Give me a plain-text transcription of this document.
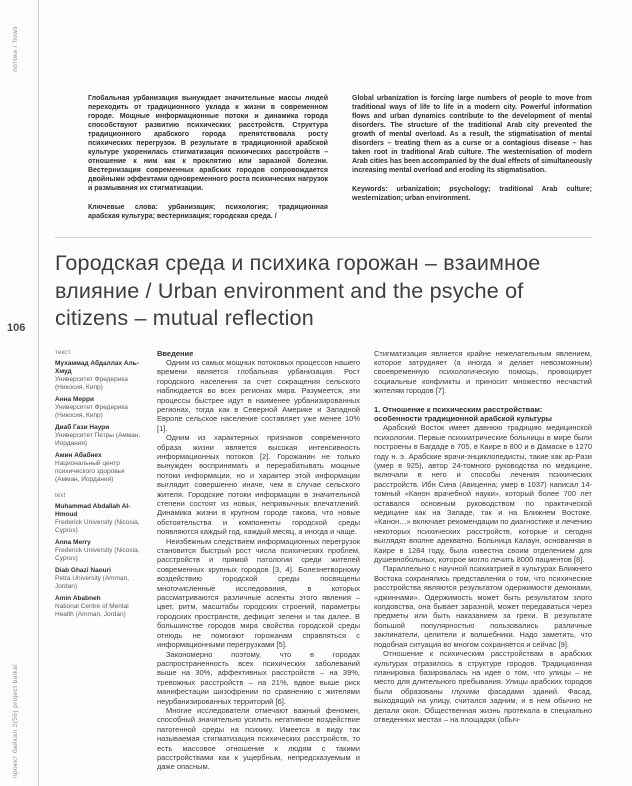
потоки / flows
106
проект байкал 2(56) project baikal

Глобальная урбанизация вынуждает значительные массы людей переходить от традиционного уклада к жизни в современном городе. Мощные информационные потоки и динамика города способствуют развитию психических расстройств. Структура традиционного арабского города препятствовала росту психических перегрузок. В результате в традиционной арабской культуре укоренилась стигматизация психических расстройств – отношение к ним как к проклятию или заразной болезни. Вестернизация современных арабских городов сопровождается двойными эффектами одновременного роста психических нагрузок и размывания их стигматизации.

Ключевые слова: урбанизация; психология; традиционная арабская культура; вестернизация; городская среда. /

Global urbanization is forcing large numbers of people to move from traditional ways of life to life in a modern city. Powerful information flows and urban dynamics contribute to the development of mental disorders. The structure of the traditional Arab city prevented the growth of mental overload. As a result, the stigmatisation of mental disorders – treating them as a curse or a contagious disease – has taken root in traditional Arab culture. The westernisation of modern Arab cities has been accompanied by the dual effects of simultaneously increasing mental overload and eroding its stigmatisation.

Keywords: urbanization; psychology; traditional Arab culture; westernization; urban environment.

Городская среда и психика горожан – взаимное влияние / Urban environment and the psyche of citizens – mutual reflection

текст

Мухаммад Абдаллах Аль-Хмуд

Университет Фредерика (Никосия, Кипр)

Анна Мерри

Университет Фредерика (Никосия, Кипр)

Диаб Гази Наури

Университет Петры (Амман, Иордания)

Амин Абабнех

Национальный центр психического здоровья (Амман, Иордания)

text

Muhammad Abdallah Al-Hmoud

Frederick University (Nicosia, Cyprus)

Anna Merry

Frederick University (Nicosia, Cyprus)

Diab Ghazi Naouri

Petra University (Amman, Jordan)

Amin Ababneh

National Centre of Mental Health (Amman, Jordan)

Введение

Одним из самых мощных потоковых процессов нашего времени является глобальная урбанизация. Рост городского населения за счет сокращения сельского наблюдается во всех регионах мира. Разумеется, эти процессы быстрее идут в наименее урбанизированных регионах, тогда как в Северной Америке и Западной Европе сельское население составляет уже менее 10% [1].

Одним из характерных признаков современного образа жизни является высокая интенсивность информационных потоков [2]. Горожанин не только вынужден воспринимать и перерабатывать мощные потоки информации, но и характер этой информации выглядит совершенно иначе, чем в случае сельского жителя. Городские потоки информации в значительной степени состоят из новых, непривычных впечатлений. Динамика жизни в крупном городе такова, что новые обстоятельства и компоненты городской среды появляются каждый год, каждый месяц, а иногда и чаще.

Неизбежным следствием информационных перегрузок становится быстрый рост числа психических проблем, расстройств и прямой патологии среди жителей современных крупных городов [3, 4]. Болезнетворному воздействию городской среды посвящены многочисленные исследования, в которых рассматриваются различные аспекты этого явления – цвет, ритм, масштабы городских строений, параметры городских пространств, дефицит зелени и так далее. В большинстве городов мира свойства городской среды отнюдь не помогают горожанам справляться с информационными перегрузками [5].

Закономерно поэтому, что в городах распространенность всех психических заболеваний выше на 30%, аффективных расстройств – на 39%, тревожных расстройств – на 21%, вдвое выше риск манифестации шизофрении по сравнению с жителями неурбанизированных территорий [6].

Многие исследователи отмечают важный феномен, способный значительно усилить негативное воздействие патогенной среды на психику. Имеется в виду так называемая стигматизация психических расстройств, то есть массовое отношение к людям с такими расстройствами как к ущербным, непредсказуемым и даже опасным.

Стигматизация является крайне нежелательным явлением, которое затрудняет (а иногда и делает невозможным) своевременную психологическую помощь, провоцирует социальные конфликты и приносит множество несчастий жителям городов [7].

1. Отношение к психическим расстройствам: особенности традиционной арабской культуры

Арабский Восток имеет давнюю традицию медицинской психологии. Первые психиатрические больницы в мире были построены в Багдаде в 705, в Каире в 800 и в Дамаске в 1270 году н. э. Арабские врачи-энциклопедисты, такие как ар-Рази (умер в 925), автор 24-томного руководства по медицине, включали в него и способы лечения психических расстройств. Ибн Сина (Авиценна; умер в 1037) написал 14-томный «Канон врачебной науки», который более 700 лет оставался основным руководством по практической медицине как на Западе, так и на Ближнем Востоке. «Канон…» включает рекомендации по диагностике и лечению некоторых психических расстройств, которые и сегодня выглядят вполне адекватно. Больница Калаун, основанная в Каире в 1284 году, была известна своим отделением для душевнобольных, которое могло лечить 8000 пациентов [8].

Параллельно с научной психиатрией в культурах Ближнего Востока сохранялись представления о том, что психические расстройства являются результатом одержимости демонами, «джиннами». Одержимость может быть результатом злого колдовства, она бывает заразной, может передаваться через предметы или быть наказанием за грехи. В результате большой популярностью пользовались различные заклинатели, целители и волшебники. Надо заметить, что подобная ситуация во многом сохраняется и сейчас [9].

Отношение к психическим расстройствам в арабских культурах отразилось в структуре городов. Традиционная планировка базировалась на идее о том, что улицы – не место для длительного пребывания. Улицы арабских городов были образованы глухими фасадами зданий. Фасад, выходящий на улицу, считался задним, и в нем обычно не делали окон. Общественная жизнь протекала в специально отведенных местах – на площадях (обыч-
